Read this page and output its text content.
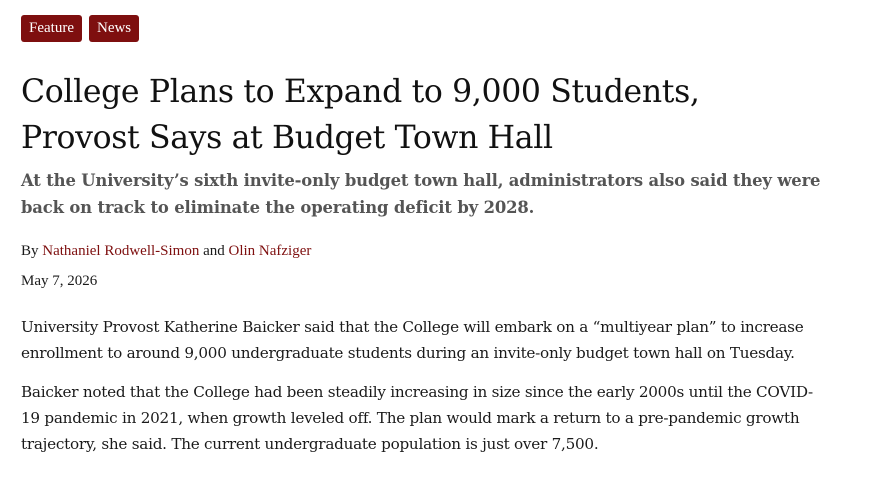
Feature	News
College Plans to Expand to 9,000 Students, Provost Says at Budget Town Hall
At the University’s sixth invite-only budget town hall, administrators also said they were back on track to eliminate the operating deficit by 2028.
By Nathaniel Rodwell-Simon and Olin Nafziger
May 7, 2026

University Provost Katherine Baicker said that the College will embark on a “multiyear plan” to increase enrollment to around 9,000 undergraduate students during an invite-only budget town hall on Tuesday.

Baicker noted that the College had been steadily increasing in size since the early 2000s until the COVID-19 pandemic in 2021, when growth leveled off. The plan would mark a return to a pre-pandemic growth trajectory, she said. The current undergraduate population is just over 7,500.
